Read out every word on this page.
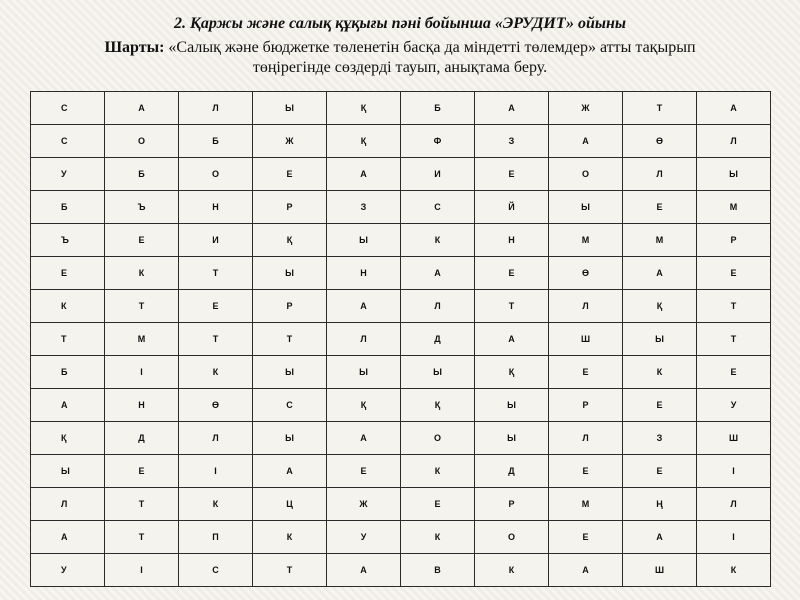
2. Қаржы және салық құқығы пәні бойынша «ЭРУДИТ» ойыны
Шарты: «Салық және бюджетке төленетін басқа да міндетті төлемдер» атты тақырып
төңірегінде сөздерді тауып, анықтама беру.
С	А	Л	Ы	Қ	Б	А	Ж	Т	А
С	О	Б	Ж	Қ	Ф	З	А	Ө	Л
У	Б	О	Е	А	И	Е	О	Л	Ы
Б	Ъ	Н	Р	З	С	Й	Ы	Е	М
Ъ	Е	И	Қ	Ы	К	Н	М	М	Р
Е	К	Т	Ы	Н	А	Е	Ө	А	Е
К	Т	Е	Р	А	Л	Т	Л	Қ	Т
Т	М	Т	Т	Л	Д	А	Ш	Ы	Т
Б	І	К	Ы	Ы	Ы	Қ	Е	К	Е
А	Н	Ө	С	Қ	Қ	Ы	Р	Е	У
Қ	Д	Л	Ы	А	О	Ы	Л	З	Ш
Ы	Е	І	А	Е	К	Д	Е	Е	І
Л	Т	К	Ц	Ж	Е	Р	М	Ң	Л
А	Т	П	К	У	К	О	Е	А	І
У	І	С	Т	А	В	К	А	Ш	К
